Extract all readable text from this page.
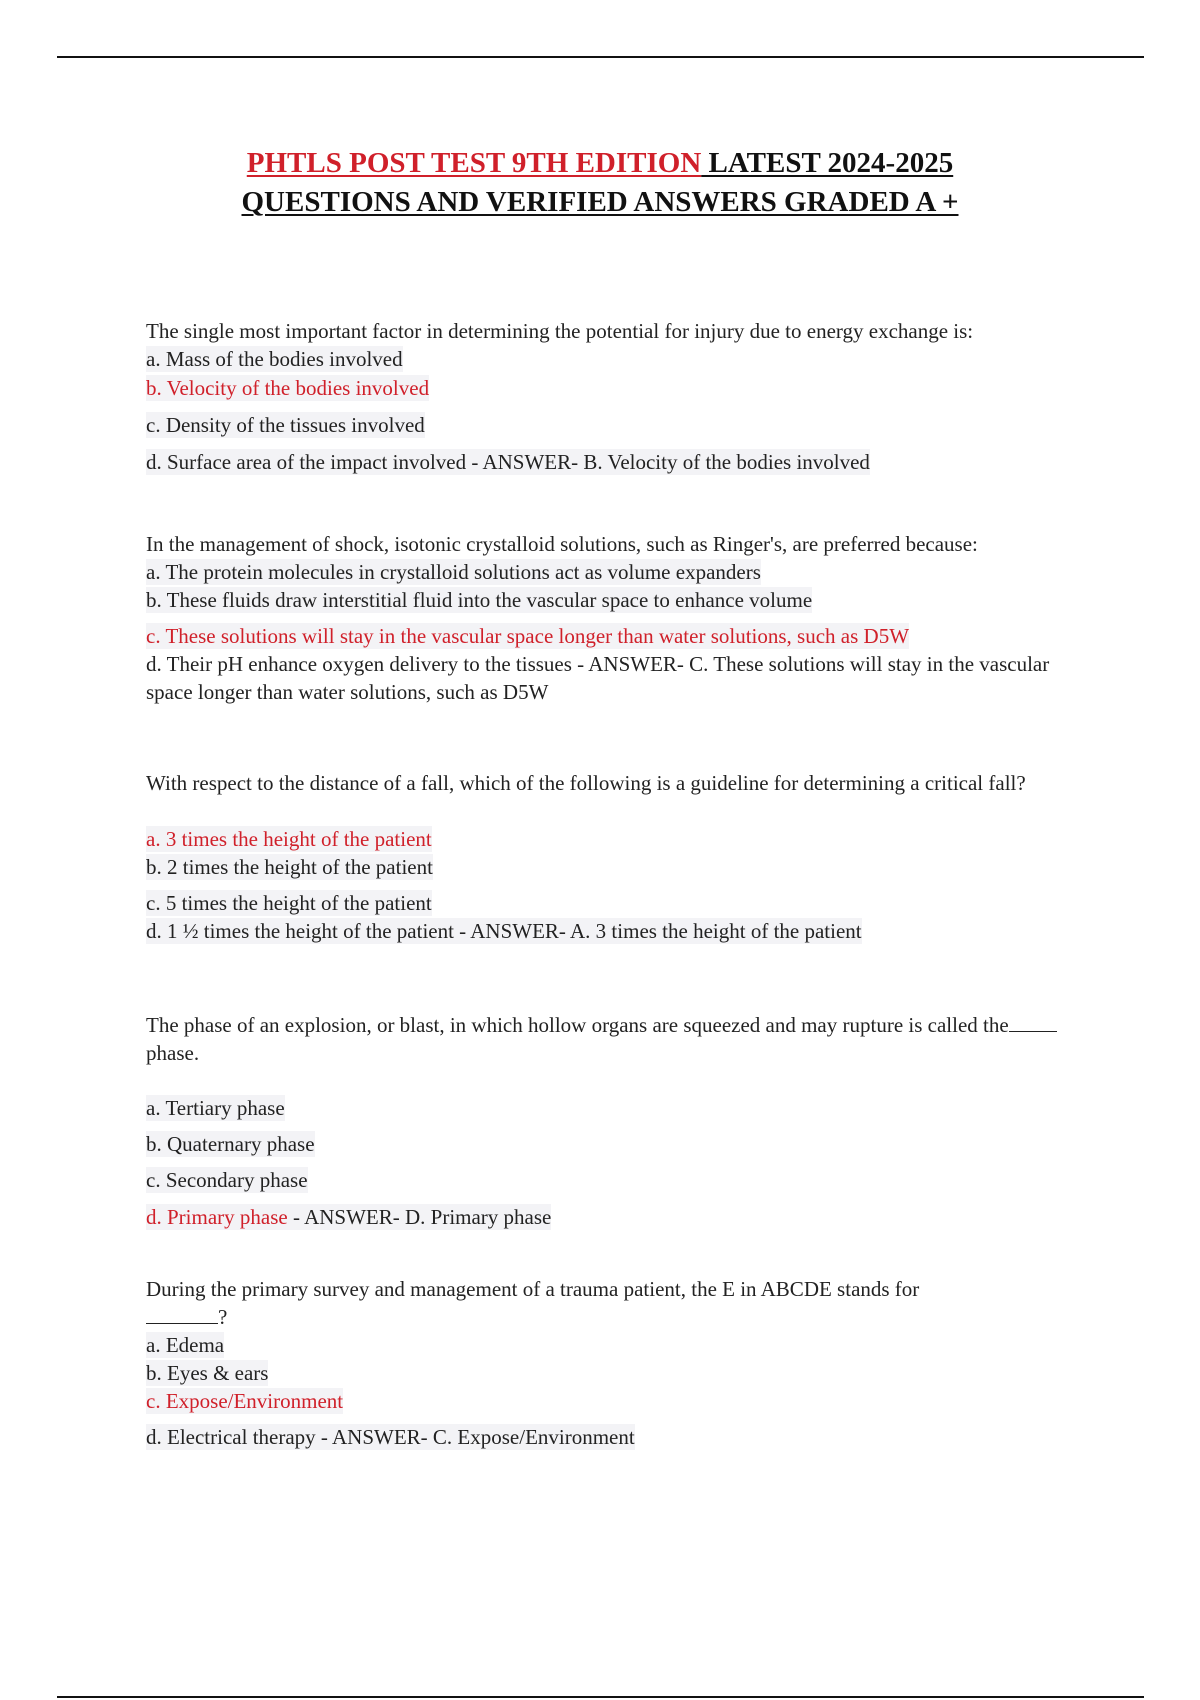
PHTLS POST TEST 9TH EDITION LATEST 2024-2025
QUESTIONS AND VERIFIED ANSWERS GRADED A +

The single most important factor in determining the potential for injury due to energy exchange is:

a. Mass of the bodies involved

b. Velocity of the bodies involved

c. Density of the tissues involved

d. Surface area of the impact involved - ANSWER- B. Velocity of the bodies involved

In the management of shock, isotonic crystalloid solutions, such as Ringer's, are preferred because:

a. The protein molecules in crystalloid solutions act as volume expanders

b. These fluids draw interstitial fluid into the vascular space to enhance volume

c. These solutions will stay in the vascular space longer than water solutions, such as D5W

d. Their pH enhance oxygen delivery to the tissues - ANSWER- C. These solutions will stay in the vascular space longer than water solutions, such as D5W

With respect to the distance of a fall, which of the following is a guideline for determining a critical fall?

a. 3 times the height of the patient

b. 2 times the height of the patient

c. 5 times the height of the patient

d. 1 ½ times the height of the patient - ANSWER- A. 3 times the height of the patient

The phase of an explosion, or blast, in which hollow organs are squeezed and may rupture is called thephase.

a. Tertiary phase

b. Quaternary phase

c. Secondary phase

d. Primary phase - ANSWER- D. Primary phase

During the primary survey and management of a trauma patient, the E in ABCDE stands for

?

a. Edema

b. Eyes & ears

c. Expose/Environment

d. Electrical therapy - ANSWER- C. Expose/Environment
